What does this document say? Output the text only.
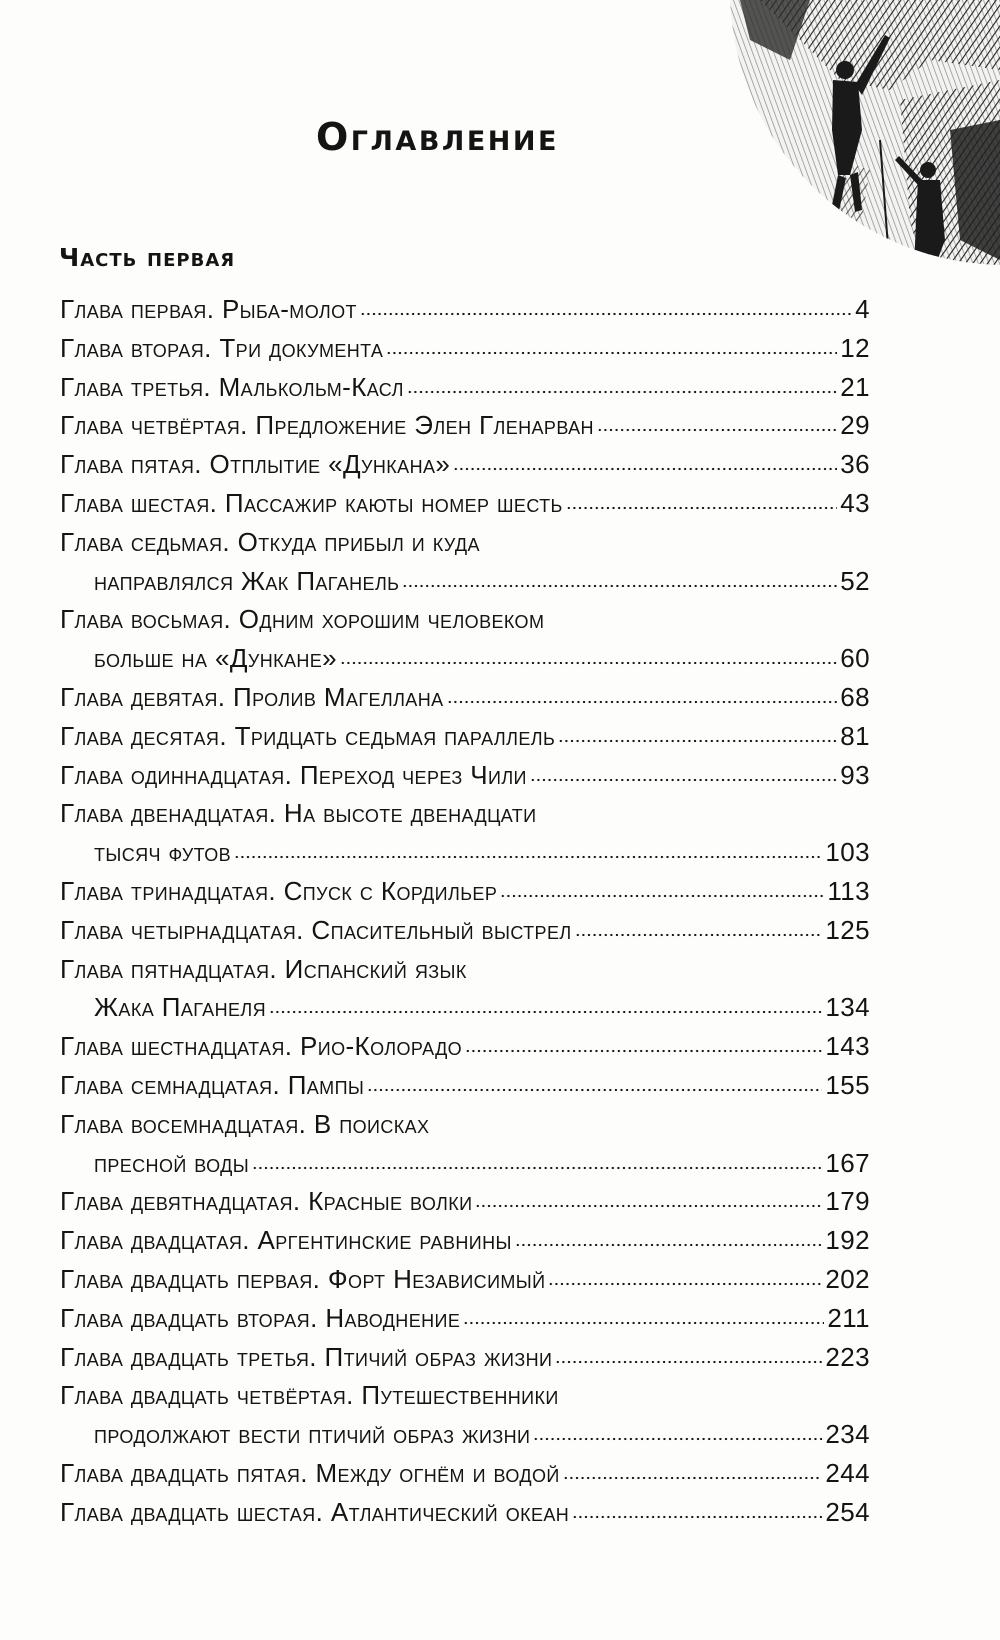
Оглавление
Часть первая
Глава первая. Рыба-молот	4
Глава вторая. Три документа	12
Глава третья. Малькольм-Касл	21
Глава четвёртая. Предложение Элен Гленарван	29
Глава пятая. Отплытие «Дункана»	36
Глава шестая. Пассажир каюты номер шесть	43
Глава седьмая. Откуда прибыл и куда
направлялся Жак Паганель	52
Глава восьмая. Одним хорошим человеком
больше на «Дункане»	60
Глава девятая. Пролив Магеллана	68
Глава десятая. Тридцать седьмая параллель	81
Глава одиннадцатая. Переход через Чили	93
Глава двенадцатая. На высоте двенадцати
тысяч футов	103
Глава тринадцатая. Спуск с Кордильер	113
Глава четырнадцатая. Спасительный выстрел	125
Глава пятнадцатая. Испанский язык
Жака Паганеля	134
Глава шестнадцатая. Рио-Колорадо	143
Глава семнадцатая. Пампы	155
Глава восемнадцатая. В поисках
пресной воды	167
Глава девятнадцатая. Красные волки	179
Глава двадцатая. Аргентинские равнины	192
Глава двадцать первая. Форт Независимый	202
Глава двадцать вторая. Наводнение	211
Глава двадцать третья. Птичий образ жизни	223
Глава двадцать четвёртая. Путешественники
продолжают вести птичий образ жизни	234
Глава двадцать пятая. Между огнём и водой	244
Глава двадцать шестая. Атлантический океан	254
